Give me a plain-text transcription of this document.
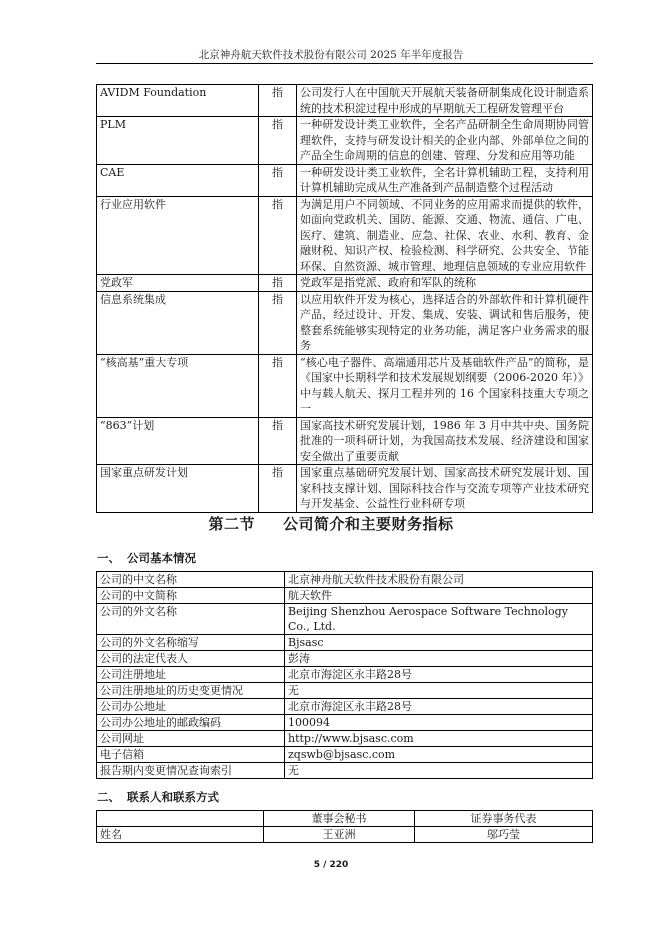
北京神舟航天软件技术股份有限公司 2025 年半年度报告
AVIDM Foundation	指	公司发行人在中国航天开展航天装备研制集成化设计制造系统的技术积淀过程中形成的早期航天工程研发管理平台
PLM	指	一种研发设计类工业软件，全名产品研制全生命周期协同管理软件，支持与研发设计相关的企业内部、外部单位之间的产品全生命周期的信息的创建、管理、分发和应用等功能
CAE	指	一种研发设计类工业软件，全名计算机辅助工程，支持利用计算机辅助完成从生产准备到产品制造整个过程活动
行业应用软件	指	为满足用户不同领域、不同业务的应用需求而提供的软件，如面向党政机关、国防、能源、交通、物流、通信、广电、医疗、建筑、制造业、应急、社保、农业、水利、教育、金融财税、知识产权、检验检测、科学研究、公共安全、节能环保、自然资源、城市管理、地理信息领域的专业应用软件
党政军	指	党政军是指党派、政府和军队的统称
信息系统集成	指	以应用软件开发为核心，选择适合的外部软件和计算机硬件产品，经过设计、开发、集成、安装、调试和售后服务，使整套系统能够实现特定的业务功能，满足客户业务需求的服务
“核高基”重大专项	指	“核心电子器件、高端通用芯片及基础软件产品”的简称，是《国家中长期科学和技术发展规划纲要（2006-2020 年）》中与载人航天、探月工程并列的 16 个国家科技重大专项之一
“863”计划	指	国家高技术研究发展计划，1986 年 3 月中共中央、国务院批准的一项科研计划，为我国高技术发展、经济建设和国家安全做出了重要贡献
国家重点研发计划	指	国家重点基础研究发展计划、国家高技术研究发展计划、国家科技支撑计划、国际科技合作与交流专项等产业技术研究与开发基金、公益性行业科研专项
第二节 公司简介和主要财务指标
一、 公司基本情况
公司的中文名称	北京神舟航天软件技术股份有限公司
公司的中文简称	航天软件
公司的外文名称	Beijing Shenzhou Aerospace Software Technology Co., Ltd.
公司的外文名称缩写	Bjsasc
公司的法定代表人	彭涛
公司注册地址	北京市海淀区永丰路28号
公司注册地址的历史变更情况	无
公司办公地址	北京市海淀区永丰路28号
公司办公地址的邮政编码	100094
公司网址	http://www.bjsasc.com
电子信箱	zqswb@bjsasc.com
报告期内变更情况查询索引	无
二、 联系人和联系方式
	董事会秘书	证券事务代表
姓名	王亚洲	邬巧莹
5 / 220
